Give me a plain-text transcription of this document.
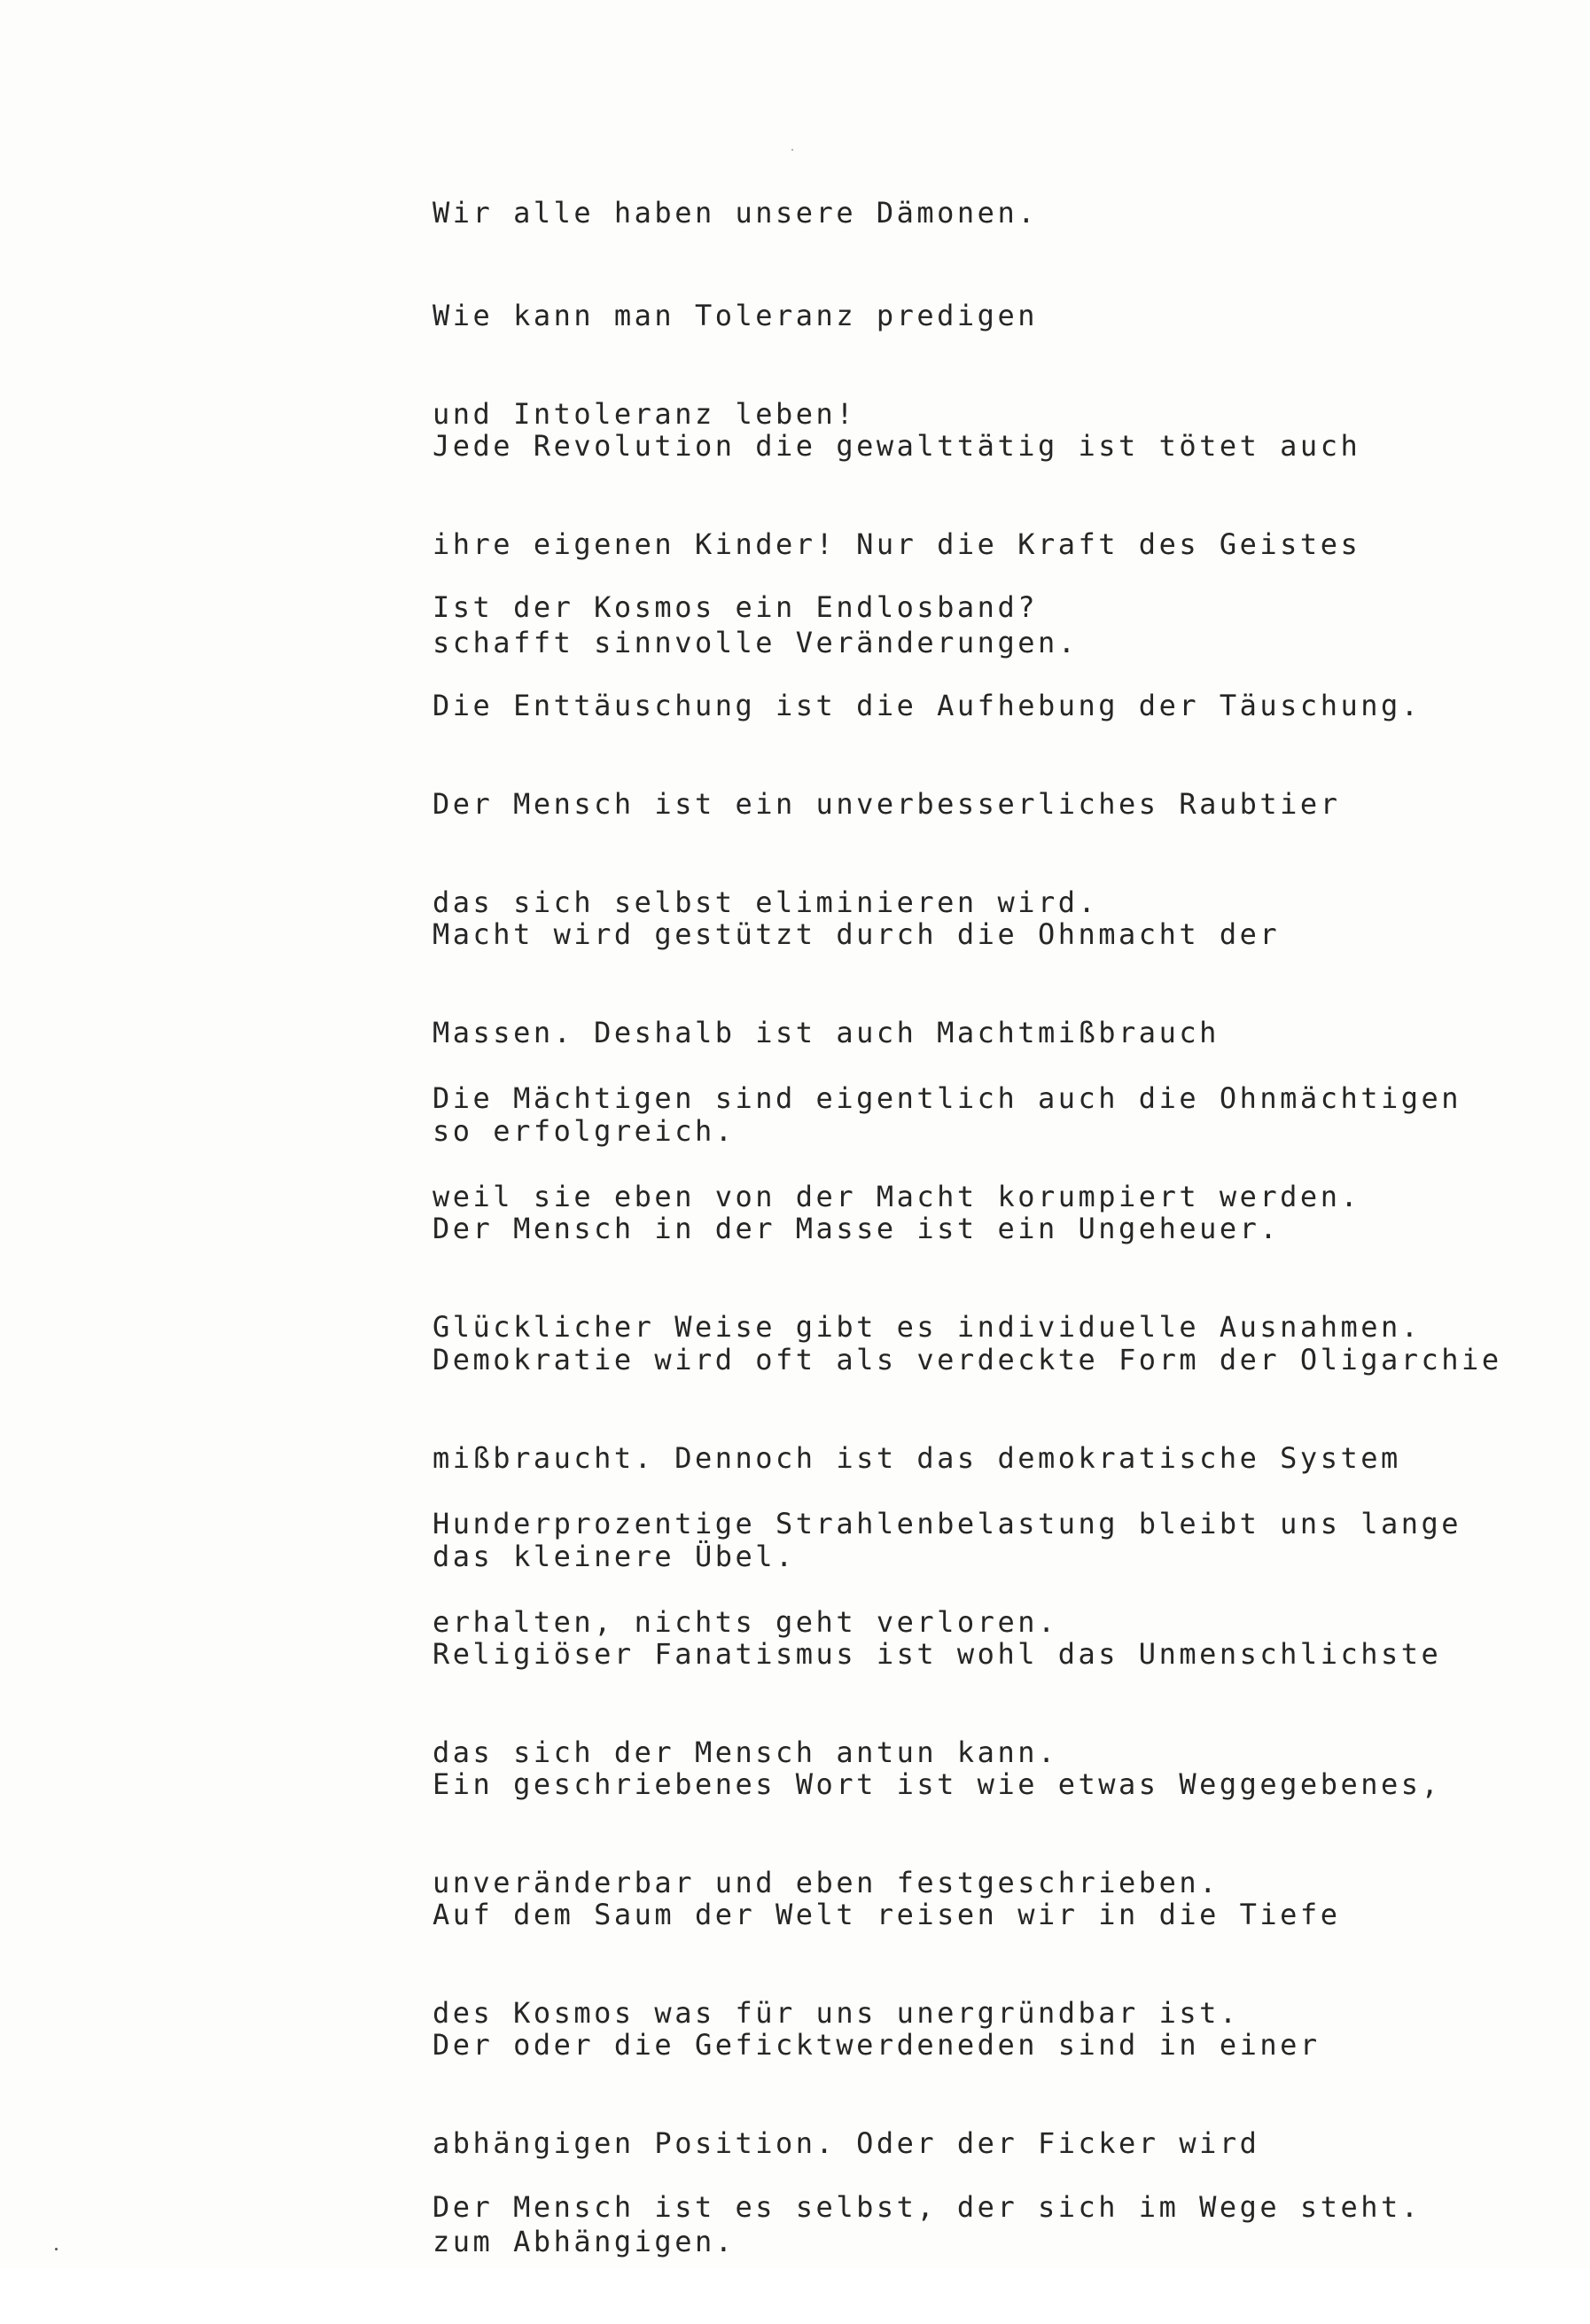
Wir alle haben unsere Dämonen.

Wie kann man Toleranz predigen

und Intoleranz leben!

Jede Revolution die gewalttätig ist tötet auch

ihre eigenen Kinder! Nur die Kraft des Geistes

schafft sinnvolle Veränderungen.

Ist der Kosmos ein Endlosband?

Die Enttäuschung ist die Aufhebung der Täuschung.

Der Mensch ist ein unverbesserliches Raubtier

das sich selbst eliminieren wird.

Macht wird gestützt durch die Ohnmacht der

Massen. Deshalb ist auch Machtmißbrauch

so erfolgreich.

Die Mächtigen sind eigentlich auch die Ohnmächtigen

weil sie eben von der Macht korumpiert werden.

Der Mensch in der Masse ist ein Ungeheuer.

Glücklicher Weise gibt es individuelle Ausnahmen.

Demokratie wird oft als verdeckte Form der Oligarchie

mißbraucht. Dennoch ist das demokratische System

das kleinere Übel.

Hunderprozentige Strahlenbelastung bleibt uns lange

erhalten, nichts geht verloren.

Religiöser Fanatismus ist wohl das Unmenschlichste

das sich der Mensch antun kann.

Ein geschriebenes Wort ist wie etwas Weggegebenes,

unveränderbar und eben festgeschrieben.

Auf dem Saum der Welt reisen wir in die Tiefe

des Kosmos was für uns unergründbar ist.

Der oder die Geficktwerdeneden sind in einer

abhängigen Position. Oder der Ficker wird

zum Abhängigen.

Der Mensch ist es selbst, der sich im Wege steht.
